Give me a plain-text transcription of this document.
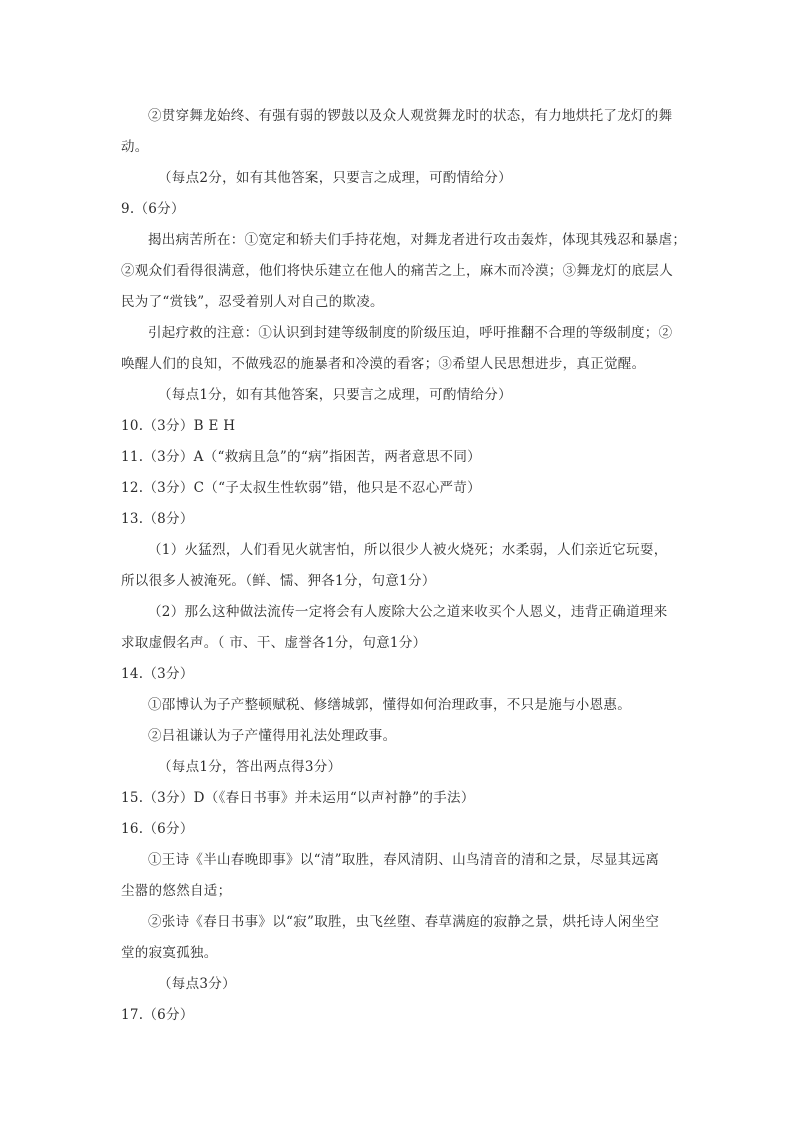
②贯穿舞龙始终、有强有弱的锣鼓以及众人观赏舞龙时的状态，有力地烘托了龙灯的舞
动。
（每点2分，如有其他答案，只要言之成理，可酌情给分）
9.（6分）
揭出病苦所在：①宽定和轿夫们手持花炮，对舞龙者进行攻击轰炸，体现其残忍和暴虐；
②观众们看得很满意，他们将快乐建立在他人的痛苦之上，麻木而冷漠；③舞龙灯的底层人
民为了“赏钱”，忍受着别人对自己的欺凌。
引起疗救的注意：①认识到封建等级制度的阶级压迫，呼吁推翻不合理的等级制度；②
唤醒人们的良知，不做残忍的施暴者和冷漠的看客；③希望人民思想进步，真正觉醒。
（每点1分，如有其他答案，只要言之成理，可酌情给分）
10.（3分）B E H
11.（3分）A（“救病且急”的“病”指困苦，两者意思不同）
12.（3分）C（“子太叔生性软弱”错，他只是不忍心严苛）
13.（8分）
（1）火猛烈，人们看见火就害怕，所以很少人被火烧死；水柔弱，人们亲近它玩耍，
所以很多人被淹死。（鲜、懦、狎各1分，句意1分）
（2）那么这种做法流传一定将会有人废除大公之道来收买个人恩义，违背正确道理来
求取虚假名声。（ 市、干、虚誉各1分，句意1分）
14.（3分）
①邵博认为子产整顿赋税、修缮城郭，懂得如何治理政事，不只是施与小恩惠。
②吕祖谦认为子产懂得用礼法处理政事。
（每点1分，答出两点得3分）
15.（3分）D（《春日书事》并未运用“以声衬静”的手法）
16.（6分）
①王诗《半山春晚即事》以“清”取胜，春风清阴、山鸟清音的清和之景，尽显其远离
尘嚣的悠然自适；
②张诗《春日书事》以“寂”取胜，虫飞丝堕、春草满庭的寂静之景，烘托诗人闲坐空
堂的寂寞孤独。
（每点3分）
17.（6分）
